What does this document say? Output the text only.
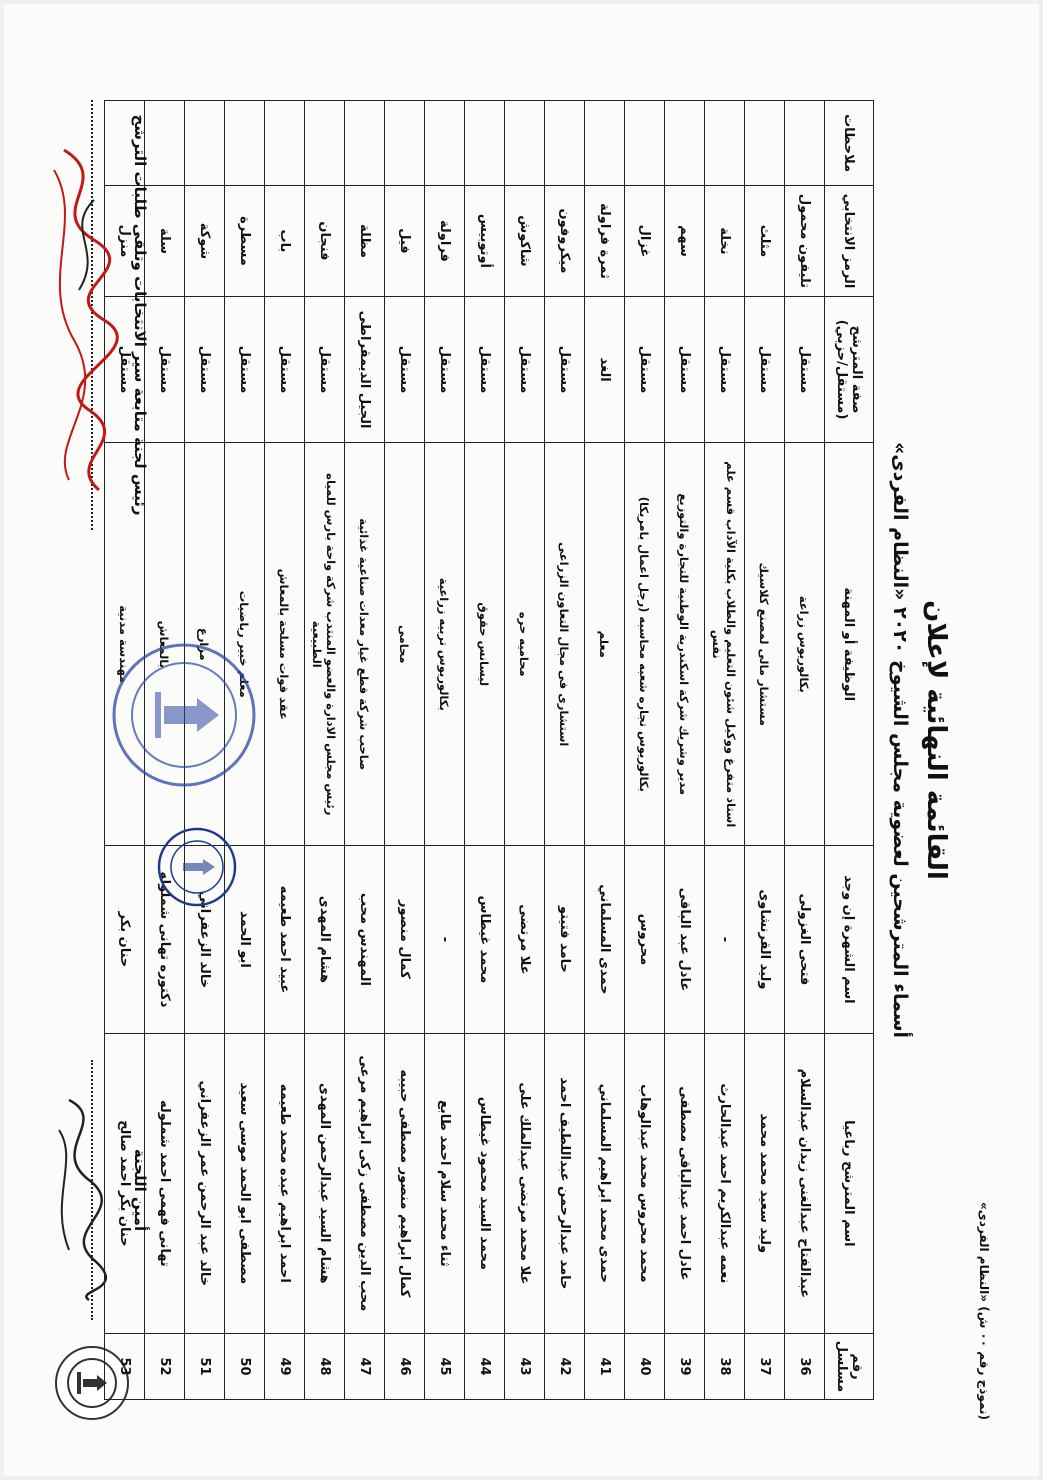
(نموذج رقم ٠٠ ش) «النظام الفردى»
القائمة النهائية لإعلان
أسماء المترشحين لعضوية مجلس الشيوخ ٢٠٢٠ «النظام الفردى»
رقم مسلسل	اسم المترشح رباعيا	اسم الشهرة إن وجد	الوظيفة أو المهنة	صفة المترشح (مستقل/حزبي)	الرمز الانتخابي	ملاحظات
36	عبدالفتاح عبدالغنى زيدان عبدالسلام	فتحى الغزولى	بكالوريوس زراعة	مستقل	تليفون محمول	
37	وليد سعيد محمد محمد	وليد القرنشاوى	مستشار مالى لمصنع كلاسيك	مستقل	مثلث	
38	نعمه عبدالكريم احمد عبدالحارث	-	استاذ متفرغ ووكيل شئون التعليم والطلاب بكلية الآداب قسم علم نفس	مستقل	نخلة	
39	عادل احمد عبدالباقى مصطفى	عادل عبد الباقى	مدير وشريك شركة اسكندرية الوطنية للتجارة والتوزيع	مستقل	سهم	
40	محمد محروس محمد عبدالوهاب	محروس	بكالوريوس تجاره شعبه محاسبه (رجل اعمال بامريكا)	مستقل	غزال	
41	حمدى محمد ابراهيم المسلماني	حمدى المسلماني	معلم	الغد	ثمرة فراولة	
42	حامد عبدالرحمن عبداللطيف احمد	حامد فتيتو	استشارى فى مجال التعاون الزراعى	مستقل	ميكروفون	
43	علا محمد مرتضى عبدالملك على	علا مرتضى	محاميه حره	مستقل	شاكوش	
44	محمد السيد محمود غيطاس	محمد غيطاس	ليسانس حقوق	مستقل	أوتوبيس	
45	ثناء محمد سلام احمد طابع	-	بكالوريوس تربيه زراعية	مستقل	فراولة	
46	كمال ابراهيم منصور مصطفى حبيبه	كمال منصور	محامى	مستقل	فيل	
47	محب الدين مصطفى زكى ابراهيم مرعى	المهندس محب	صاحب شركة قطع غيار معدات صناعية غذائية	الجيل الديمقراطى	مظلة	
48	هشام السيد عبدالرحمن المهدى	هشام المهدى	رئيس مجلس الادارة والعضو المنتدب شركة واحة بارس للمياه الطبيعية	مستقل	فنجان	
49	احمد ابراهيم عبده محمد طعيمه	عبيد احمد طعيمه	عقد قوات مسلحة بالمعاش	مستقل	باب	
50	مصطفى ابو الحمد موسى سعيد	ابو الحمد	معلم خبير رياضيات	مستقل	مسطرة	
51	خالد عبد الرحمن عمر الزعفراني	خالد الزعفراني	مزارع	مستقل	شوكة	
52	تهانى فهمى احمد شملوله	دكتوره تهانى شملوله	بالمعاش	مستقل	سلة	
53	حنان بكر احمد صالح	حنان بكر	مهندسة مدنية	مستقل	منزل	رئيس لجنة متابعة سير الانتخابات وتلقى طلبات الترشح
أمين اللجنة
